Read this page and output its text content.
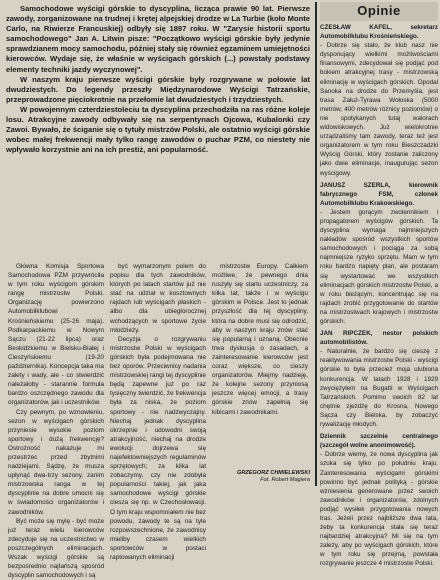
Samochodowe wyścigi górskie to dyscyplina, licząca prawie 90 lat. Pierwsze zawody, zorganizowane na trudnej i krętej alpejskiej drodze w La Turbie (koło Monte Carlo, na Riwierze Francuskiej) odbyły się 1897 roku. W "Zarysie historii sportu samochodowego" Jan A. Litwin pisze: "Początkowo wyścigi górskie były jedynie sprawdzianem mocy samochodu, później stały się również egzaminem umiejętności kierowców. Wydaje się, że właśnie w wyścigach górskich (...) powstały podstawy elementy techniki jazdy wyczynowej".

W naszym kraju pierwsze wyścigi górskie były rozgrywane w połowie lat dwudziestych. Do legendy przeszły Międzynarodowe Wyścigi Tatrzańskie, przeprowadzone pięciokrotnie na przełomie lat dwudziestych i trzydziestych.

W powojennym czterdziestoleciu ta dyscyplina przechodziła na ras różne koleje losu. Atrakcyjne zawody odbywały się na serpentynach Ojcowa, Kubalonki czy Zawoi. Bywało, że ściganie się o tytuły mistrzów Polski, ale ostatnio wyścigi górskie wobec małej frekwencji mały tylko rangę zawodów o puchar PZM, co niestety nie wpływało korzystnie ani na ich prestiż, ani popularność.

Główna Komisja Sportowa Samochodowa PZM przywróciła w tym roku wyścigom górskim rangę mistrzostw Polski. Organizację powierzono Automobilklubowi Krośnieńskiemu (25-26 maja). Podkarpackiemu w Nowym Sączu (21-22 lipca) oraz Beskidzkiemu w Bielsku-Białej i Cieszyńskiemu (19-20 października). Koncepcja taka ma zalety i wady, ale - co stwierdzić należałoby - starannie formuła bardzo oszczędnego zawodu dla organizatorów, jak i uczestników.

Czy pewnym, po wznowieniu, sezon w wyścigach górskich przyniesie wysokie poziom sportowy i dużą frekwencję? Ostrożność nakazuje mi przestrzec przed zbytnimi nadziejami. Sądzę, że musza upłynąć dwa-trzy sezony, zanim mistrzowska ranga w tej dyscyplinie na dobre umocni się w świadomości organizatorów i zawodników.

Być może się mylę - być może już teraz wielu kierowców zdecyduje się na uczestnictwo w poszczególnych eliminacjach. Wszak wyścigi górskie są bezpośrednio najtańszą spośród dyscyplin samochodowych i są

być wymarzonym polem do popisu dla tych zawodników, których po latach startów już nie stać na udział w kosztownych rajdach lub wyścigach płaskich - albo dla ubiegłorocznej wchodzących w sportowe życie młodzieży.

Decyzja o rozgrywaniu mistrzostw Polski w wyścigach górskich była podejmowana nie bez oporów. Przeciwnicy nadania mistrzowskiej rangi tej dyscyplinie będą zapewne już po raz tysięczny twierdzić, że frekwencja była za niska, że poziom sportowy - nie nadzwyczajny. Niechaj jednak dyscyplina okrzepnie i udowodni swoją atrakcyjność, niechaj na drodze ewolucji dojrzewa się najefektowniejszych regulaminów sprzętowych; za kilka lat zobaczymy, czy nie zdobyła popularności takiej, jak jaka samochodowe wyścigi górskie ciesza się np. w Czechosłowacji. O tym kraju wspomniałem nie bez powodu, zawody te są na tyle rozpowszechnione, że zawodnicy mieliby czasem wielkich sportowców w postaci raptowanych eliminacji

mistrzostw Europy. Całkiem możliwe, że pewnego dnia ruszyły się startu uczestniczy, za kilka lat, także i w wyścigu górskim w Polsce. Jest to jednak przyszłość dla tej dyscypliny, która na dobre musi się odrodzić, aby w naszym kraju znów stać się popularną i uznaną. Obecnie trwa dyskusja o zasadach, a zainteresowanie kierowców jest coraz większe, co cieszy organizatorów. Miejmy nadzieję, że kolejne sezony przyniosą jeszcze więcej emocji, a trasy górskie znów zapełnią się kibicami i zawodnikami.

GRZEGORZ CHMIELEWSKI
Fot. Robert Magiera
Opinie

CZESŁAW KAFEL, sekretarz Automobilklubu Krośnieńskiego.

- Dobrze się stało, że klub nasz nie dysponujący wielkimi możliwościami finansowymi, zdecydował się podjąć pod bokiem atrakcyjnej trasy - mistrzowską eliminację w wyścigach górskich. Opodal Sanoka na drodze do Przemyśla, jest trasa Załuż-Tyrawa Wołoska (5000 metrów, 400 metrów różnicy poziomów) o nie spotykanych tutaj walorach widowiskowych. Już wielokrotnie urządzaliśmy tam zawody, teraz też jest organizatorem w tym roku Bieszczadzki Wyścig Górski, który zostanie zaliczony jako dwie eliminacje, inaugurując sezon wyścigowy.

JANUSZ SZERLA, kierownik fabrycznego FSM, członek Automobilklubu Krakowskiego.

- Jestem gorącym zwolennikiem i propagatorem wyścigów górskich. Ta dyscyplina wymaga najmniejszych nakładów spośród wszystkich sportów samochodowych i pociąga za sobą najmniejsze ryzyko sprzętu. Mam w tym roku bardzo napięty plan, ale postaram się wystartować we wszystkich eliminacjach górskich mistrzostw Polski, a w roku bieżącym, koncentrując się na rajdach zrobić przygotowanie do startów na mistrzostwach krajowych i mistrzostw górskich.

JAN RIPCZEK, nestor polskich automobilistów.

- Naturalnie, że bardzo się cieszę z reaktywowania mistrzostw Polski - wyścigi górskie to była przecież moja ulubiona konkurencja. W latach 1928 i 1929 zwyciężyłem na Bugatti w Wyścigach Tatrzańskich. Pomimo swoich 82 lat chętnie zjeżdżę do Krosna, Nowego Sącza czy Bielska, by zobaczyć rywalizację młodych.

Dziennik szczelnie centralnego (szczegół wolne anonimowość).

- Dobrze wiemy, że nowa dyscyplina jak szuka się tylko po południu kraju. Zainteresowania wyścigami górskimi powinno być jednak polityką - górskie wzniesienia generowane przez swoich zawodników i organizatorów, zdolnych podjąć wysiłek przygotowania nowych tras. Jeżeli przez najbliższe dwa lata, żeby ta konkurencja stała się teraz najbardziej atrakcyjna? Mi się na tym zależy, aby po wyścigach górskich, które w tym roku się przejmą, powstała rozgrywanie jeszcze 4 mistrzostw Polski.
